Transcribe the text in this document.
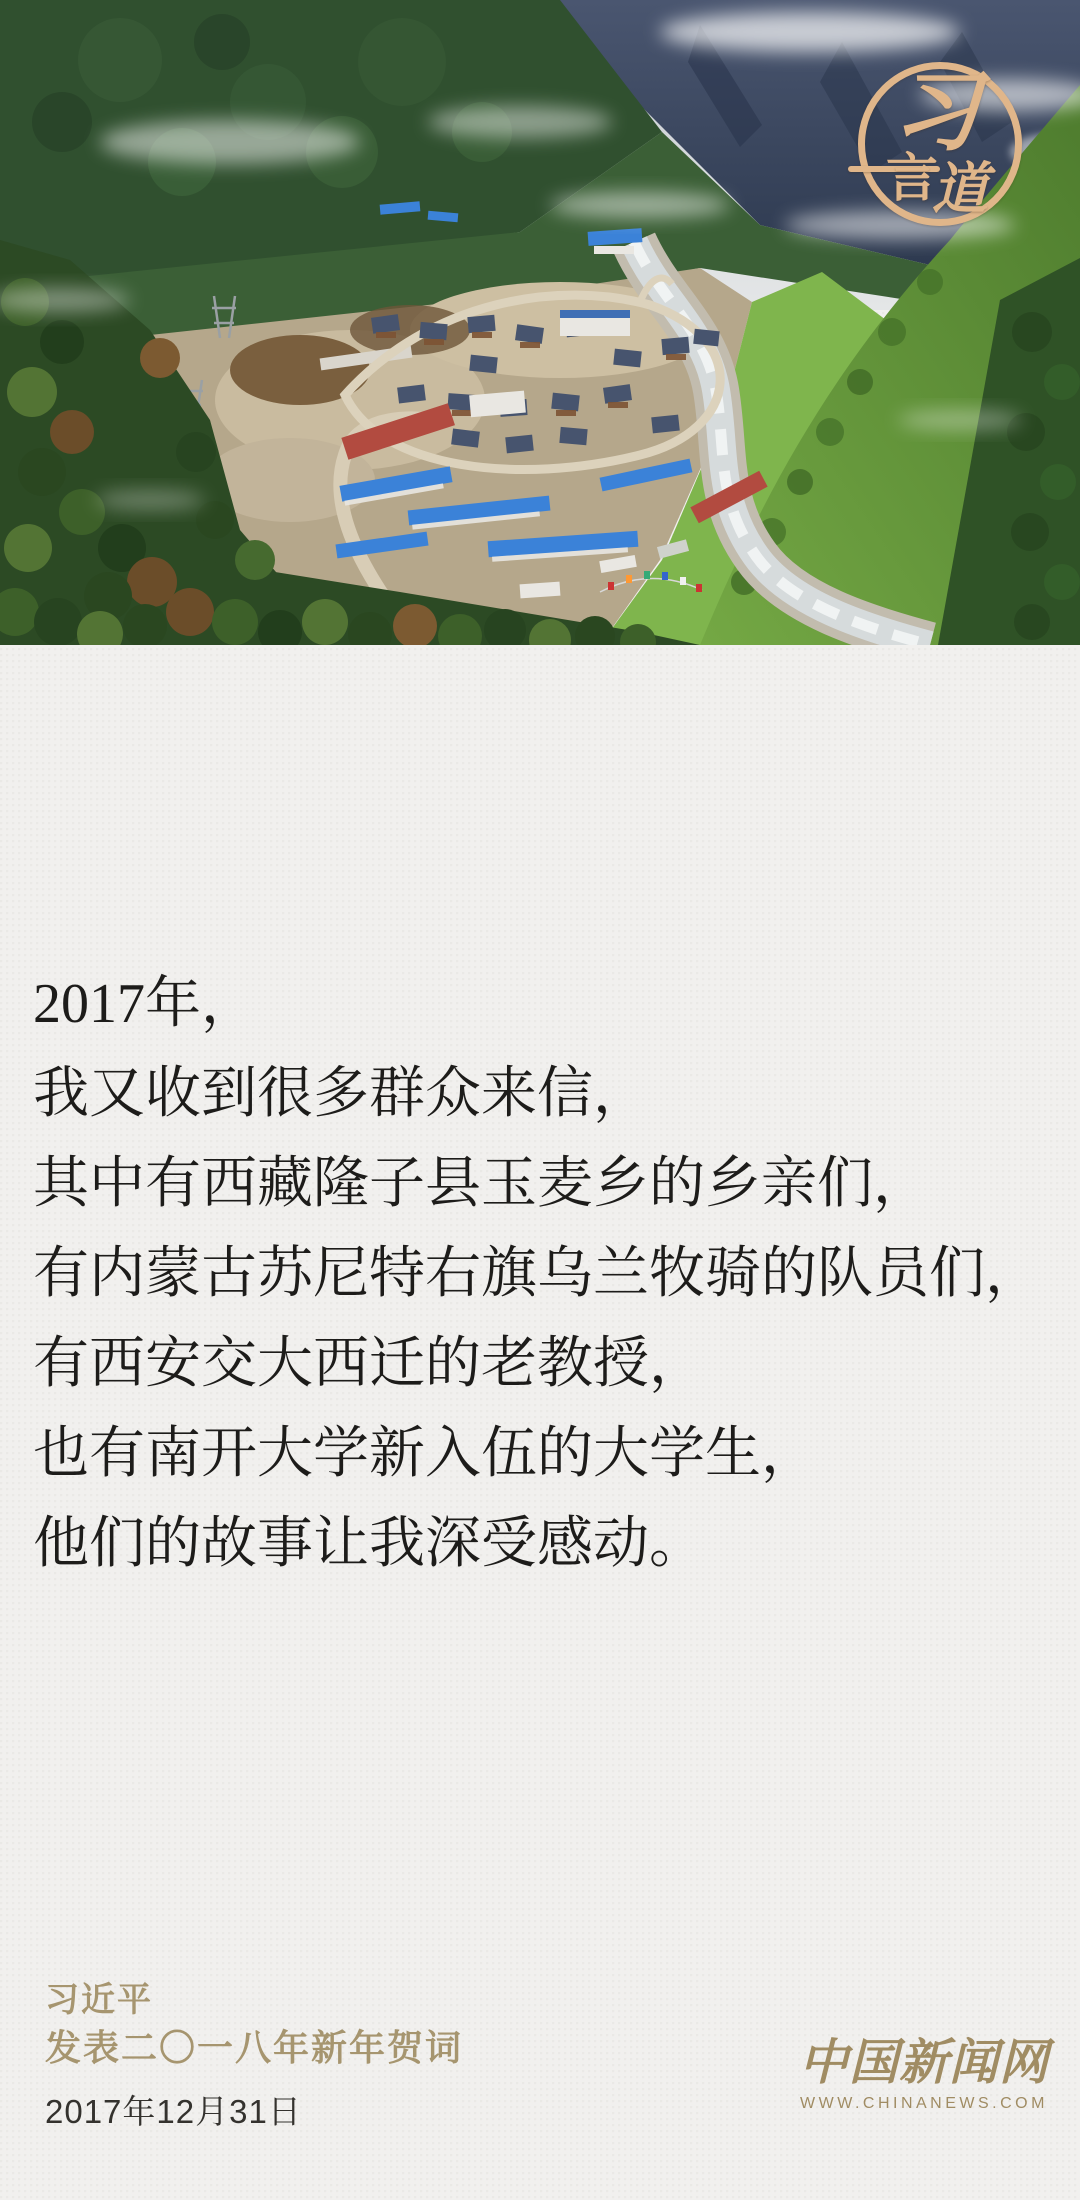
习
言
道
2017年，
我又收到很多群众来信，
其中有西藏隆子县玉麦乡的乡亲们，
有内蒙古苏尼特右旗乌兰牧骑的队员们，
有西安交大西迁的老教授，
也有南开大学新入伍的大学生，
他们的故事让我深受感动。
习近平
发表二〇一八年新年贺词
2017年12月31日
中国新闻网
WWW.CHINANEWS.COM
